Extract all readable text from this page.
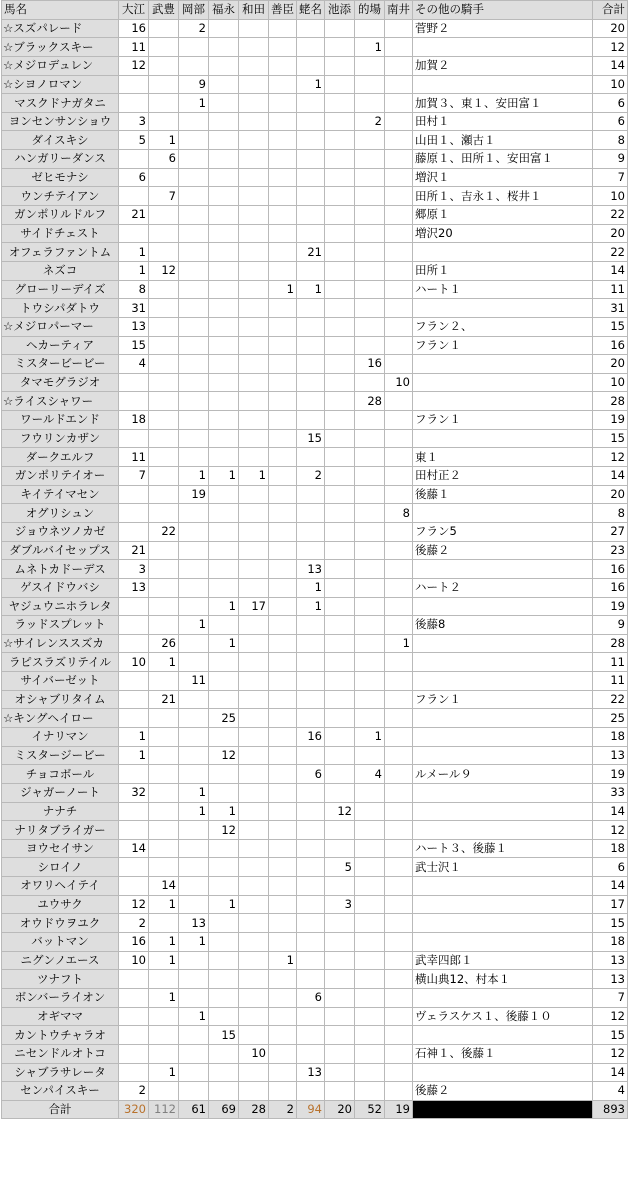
馬名	大江	武豊	岡部	福永	和田	善臣	蛯名	池添	的場	南井	その他の騎手	合計
☆スズパレード	16		2								菅野２	20
☆ブラックスキー	11								1			12
☆メジロデュレン	12										加賀２	14
☆シヨノロマン			9				1					10
マスクドナガタニ			1								加賀３、東１、安田富１	6
ヨンセンサンショウ	3								2		田村１	6
ダイスキシ	5	1									山田１、瀬古１	8
ハンガリーダンス		6									藤原１、田所１、安田富１	9
ゼヒモナシ	6										増沢１	7
ウンチテイアン		7									田所１、吉永１、桜井１	10
ガンポリルドルフ	21										郷原１	22
サイドチェスト											増沢20	20
オフェラファントム	1						21					22
ネズコ	1	12									田所１	14
グローリーデイズ	8					1	1				ハート１	11
トウシパダトウ	31											31
☆メジロパーマー	13										フラン２、	15
ヘカーティア	15										フラン１	16
ミスタービービー	4								16			20
タマモグラジオ										10		10
☆ライスシャワー									28			28
ワールドエンド	18										フラン１	19
フウリンカザン							15					15
ダークエルフ	11										東１	12
ガンポリテイオー	7		1	1	1		2				田村正２	14
キイテイマセン			19								後藤１	20
オグリシュン										8		8
ジョウネツノカゼ		22									フラン5	27
ダブルバイセップス	21										後藤２	23
ムネトカドーデス	3						13					16
ゲスイドウバシ	13						1				ハート２	16
ヤジュウニホラレタ				1	17		1					19
ラッドスプレット			1								後藤8	9
☆サイレンススズカ		26		1						1		28
ラピスラズリテイル	10	1										11
サイバーゼット			11									11
オシャブリタイム		21									フラン１	22
☆キングヘイロー				25								25
イナリマン	1						16		1			18
ミスタージービー	1			12								13
チョコボール							6		4		ルメール９	19
ジャガーノート	32		1									33
ナナチ			1	1				12				14
ナリタブライガー				12								12
ヨウセイサン	14										ハート３、後藤１	18
シロイノ								5			武士沢１	6
オワリヘイテイ		14										14
ユウサク	12	1		1				3				17
オウドウヲユク	2		13									15
バットマン	16	1	1									18
ニグンノエース	10	1				1					武幸四郎１	13
ツナフト											横山典12、村本１	13
ボンバーライオン		1					6					7
オギママ			1								ヴェラスケス１、後藤１０	12
カントウチャラオ				15								15
ニセンドルオトコ					10						石神１、後藤１	12
シャブラサレータ		1					13					14
センパイスキー	2										後藤２	4
合計	320	112	61	69	28	2	94	20	52	19		893
